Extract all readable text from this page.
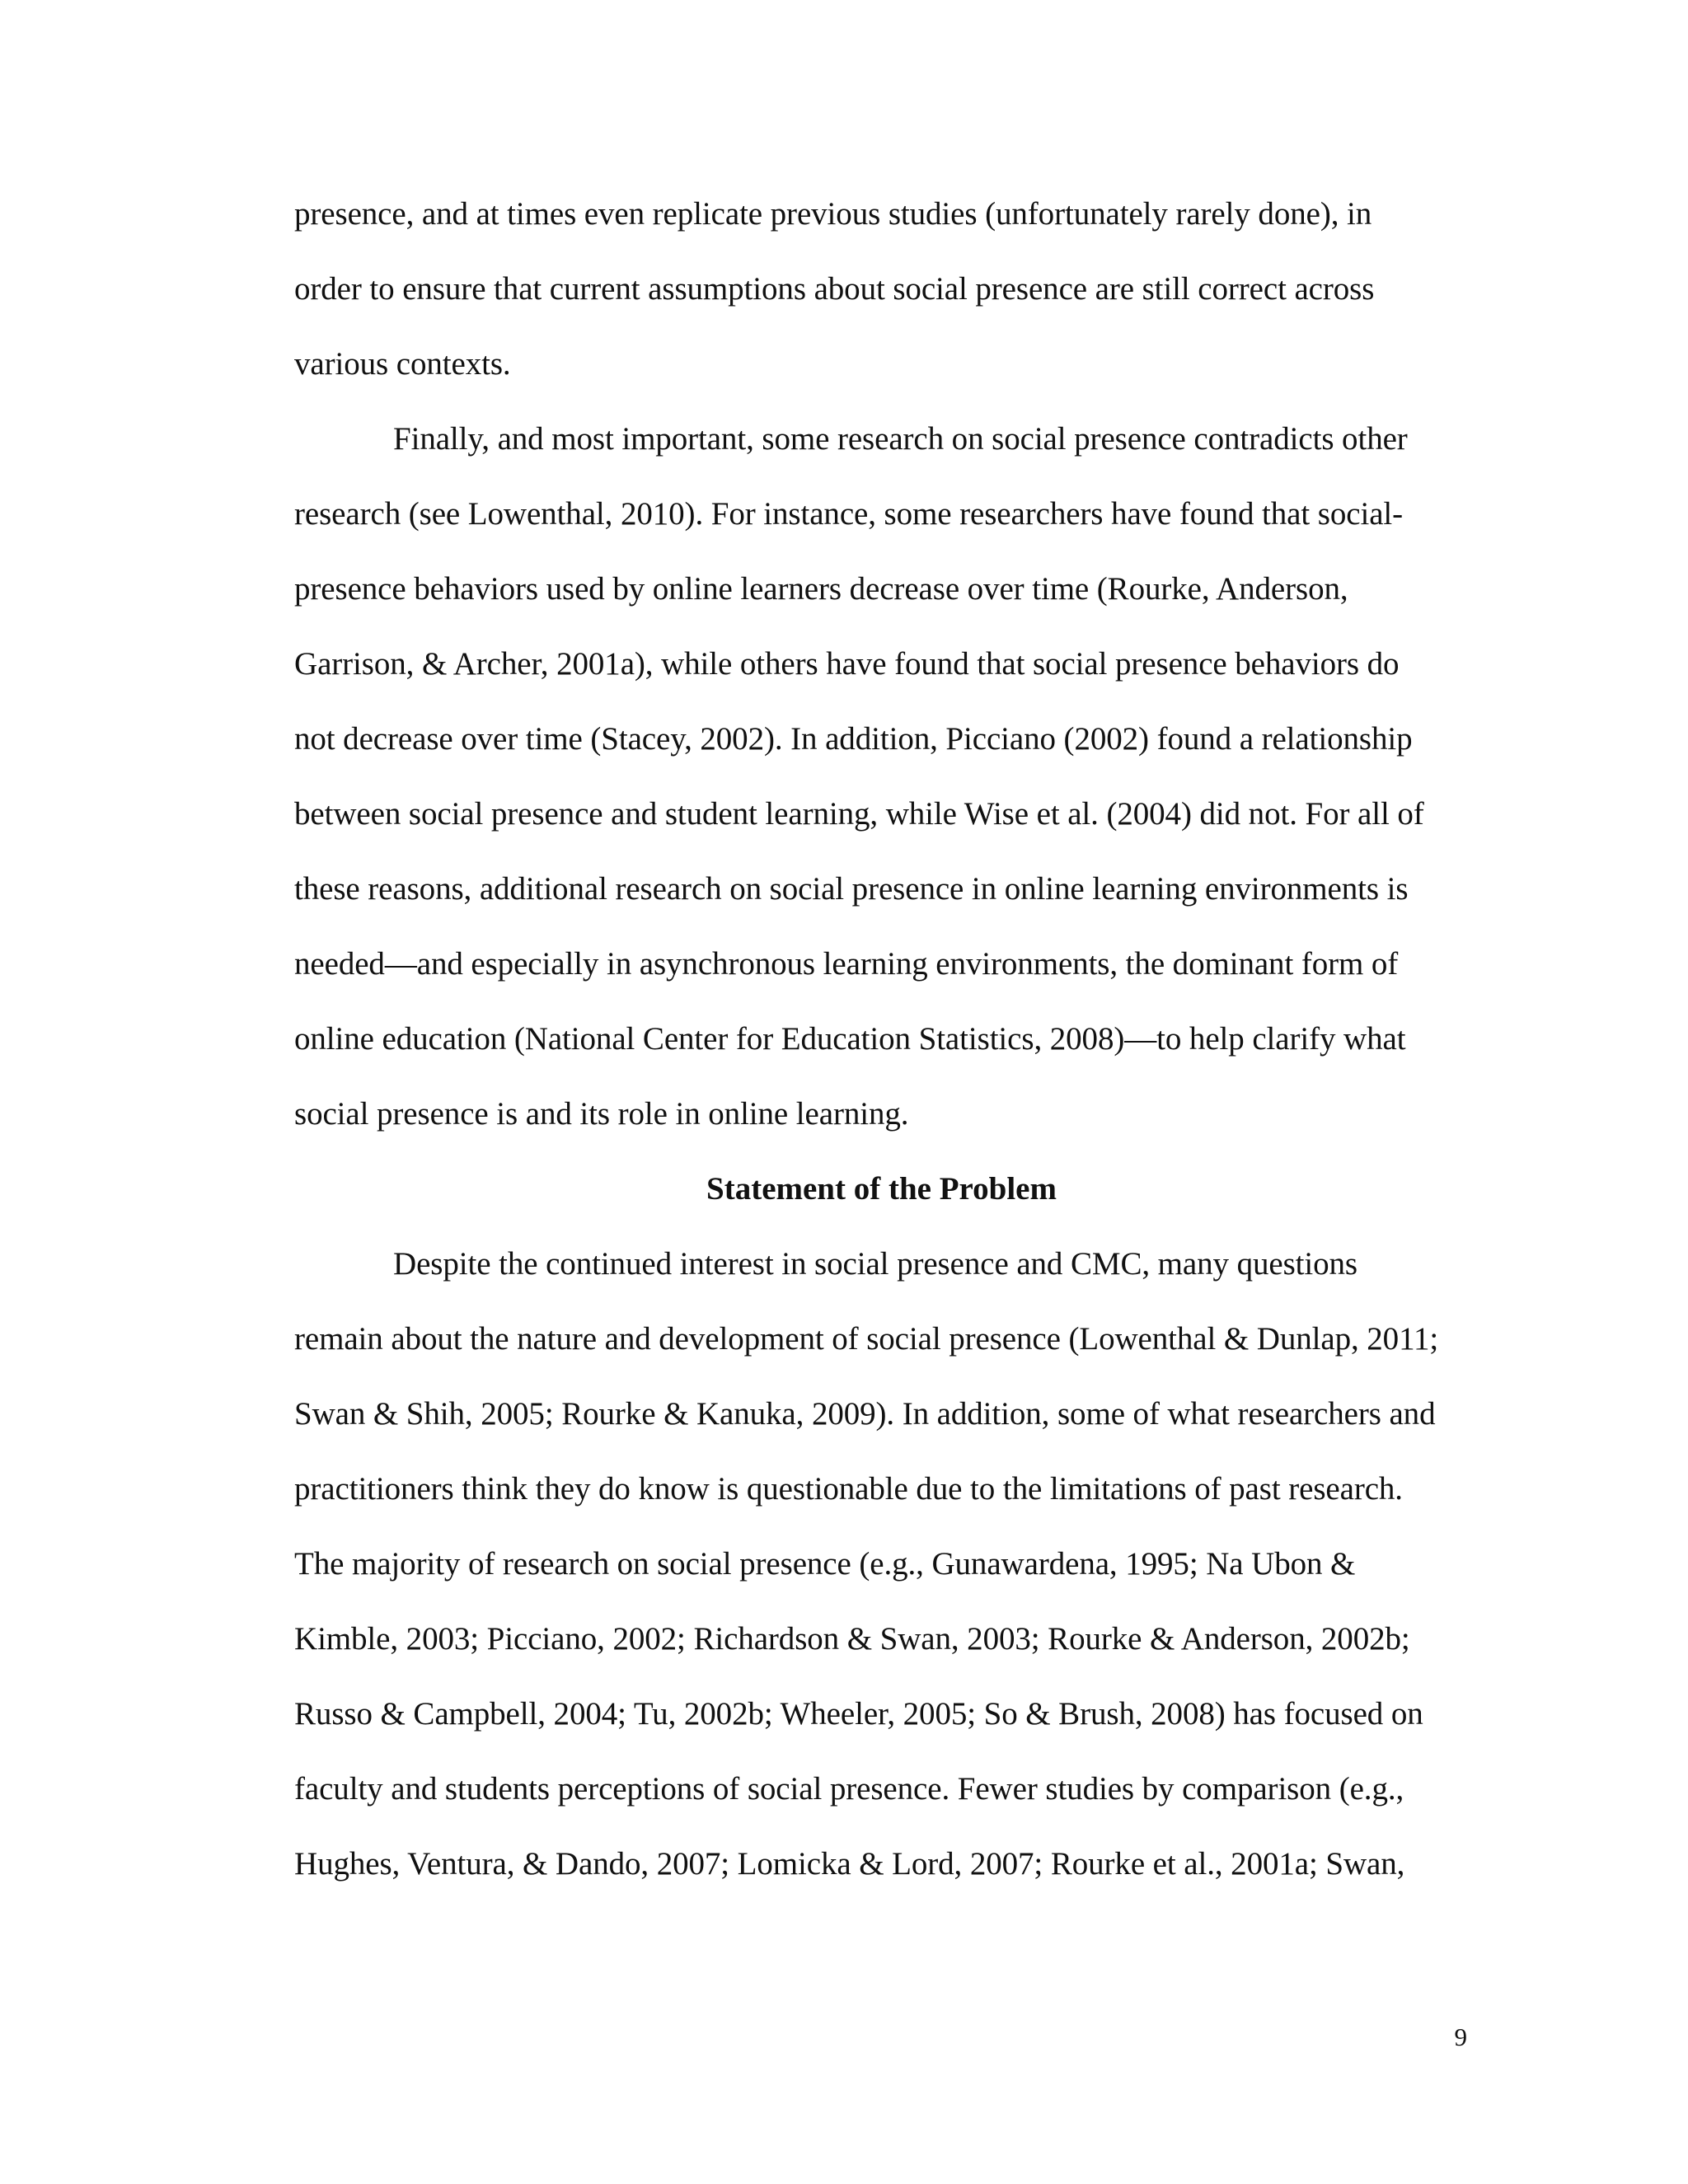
presence, and at times even replicate previous studies (unfortunately rarely done), in
order to ensure that current assumptions about social presence are still correct across
various contexts.
Finally, and most important, some research on social presence contradicts other
research (see Lowenthal, 2010). For instance, some researchers have found that social-
presence behaviors used by online learners decrease over time (Rourke, Anderson,
Garrison, & Archer, 2001a), while others have found that social presence behaviors do
not decrease over time (Stacey, 2002). In addition, Picciano (2002) found a relationship
between social presence and student learning, while Wise et al. (2004) did not. For all of
these reasons, additional research on social presence in online learning environments is
needed—and especially in asynchronous learning environments, the dominant form of
online education (National Center for Education Statistics, 2008)—to help clarify what
social presence is and its role in online learning.
Statement of the Problem
Despite the continued interest in social presence and CMC, many questions
remain about the nature and development of social presence (Lowenthal & Dunlap, 2011;
Swan & Shih, 2005; Rourke & Kanuka, 2009). In addition, some of what researchers and
practitioners think they do know is questionable due to the limitations of past research.
The majority of research on social presence (e.g., Gunawardena, 1995; Na Ubon &
Kimble, 2003; Picciano, 2002; Richardson & Swan, 2003; Rourke & Anderson, 2002b;
Russo & Campbell, 2004; Tu, 2002b; Wheeler, 2005; So & Brush, 2008) has focused on
faculty and students perceptions of social presence. Fewer studies by comparison (e.g.,
Hughes, Ventura, & Dando, 2007; Lomicka & Lord, 2007; Rourke et al., 2001a; Swan,
9
